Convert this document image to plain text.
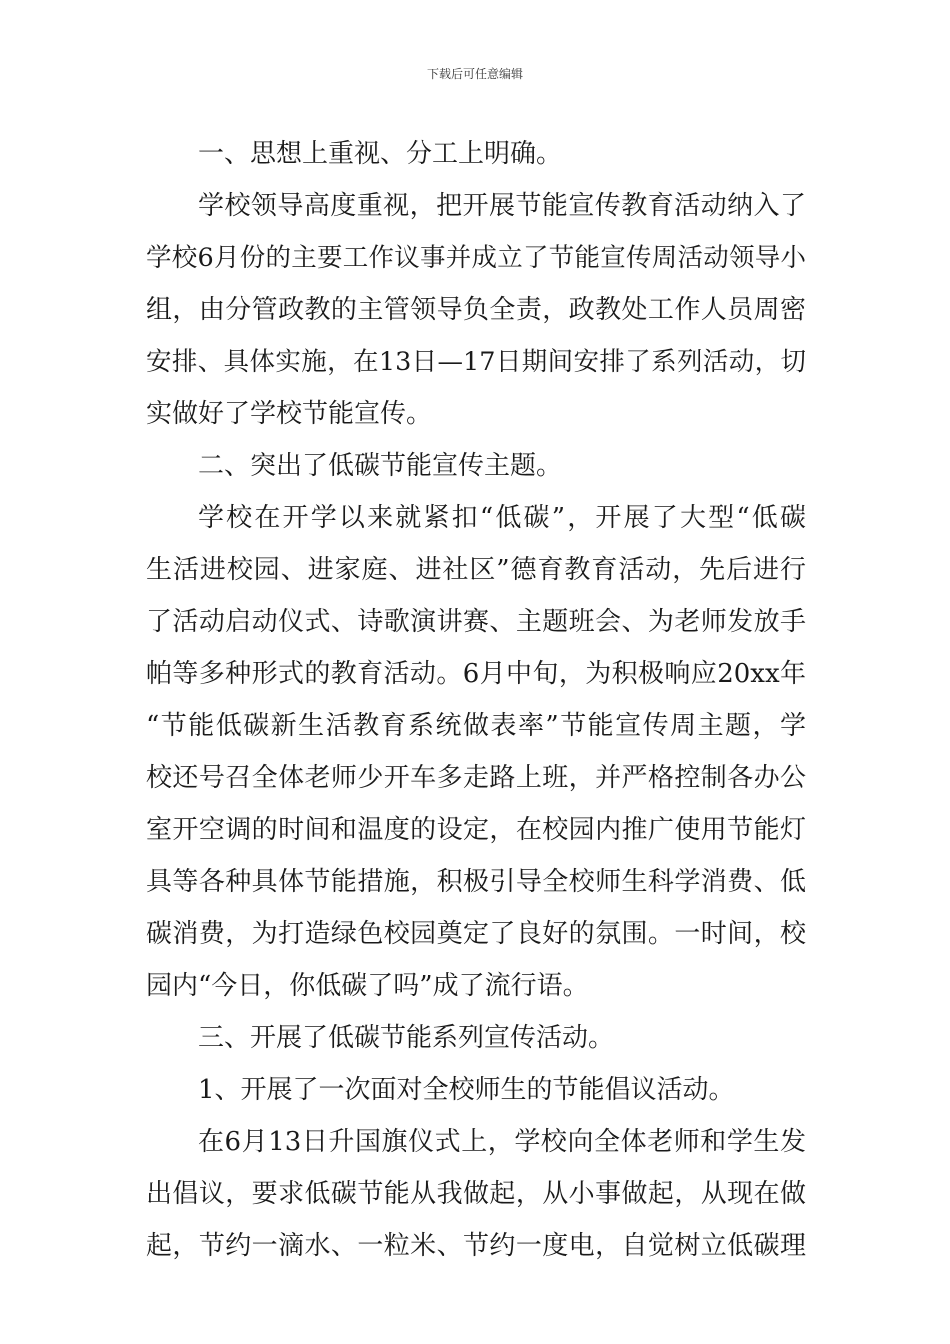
下载后可任意编辑
一、思想上重视、分工上明确。
学校领导高度重视，把开展节能宣传教育活动纳入了
学校6月份的主要工作议事并成立了节能宣传周活动领导小
组，由分管政教的主管领导负全责，政教处工作人员周密
安排、具体实施，在13日—17日期间安排了系列活动，切
实做好了学校节能宣传。
二、突出了低碳节能宣传主题。
学校在开学以来就紧扣“低碳”，开展了大型“低碳
生活进校园、进家庭、进社区”德育教育活动，先后进行
了活动启动仪式、诗歌演讲赛、主题班会、为老师发放手
帕等多种形式的教育活动。6月中旬，为积极响应20xx年
“节能低碳新生活教育系统做表率”节能宣传周主题，学
校还号召全体老师少开车多走路上班，并严格控制各办公
室开空调的时间和温度的设定，在校园内推广使用节能灯
具等各种具体节能措施，积极引导全校师生科学消费、低
碳消费，为打造绿色校园奠定了良好的氛围。一时间，校
园内“今日，你低碳了吗”成了流行语。
三、开展了低碳节能系列宣传活动。
1、开展了一次面对全校师生的节能倡议活动。
在6月13日升国旗仪式上，学校向全体老师和学生发
出倡议，要求低碳节能从我做起，从小事做起，从现在做
起，节约一滴水、一粒米、节约一度电，自觉树立低碳理
